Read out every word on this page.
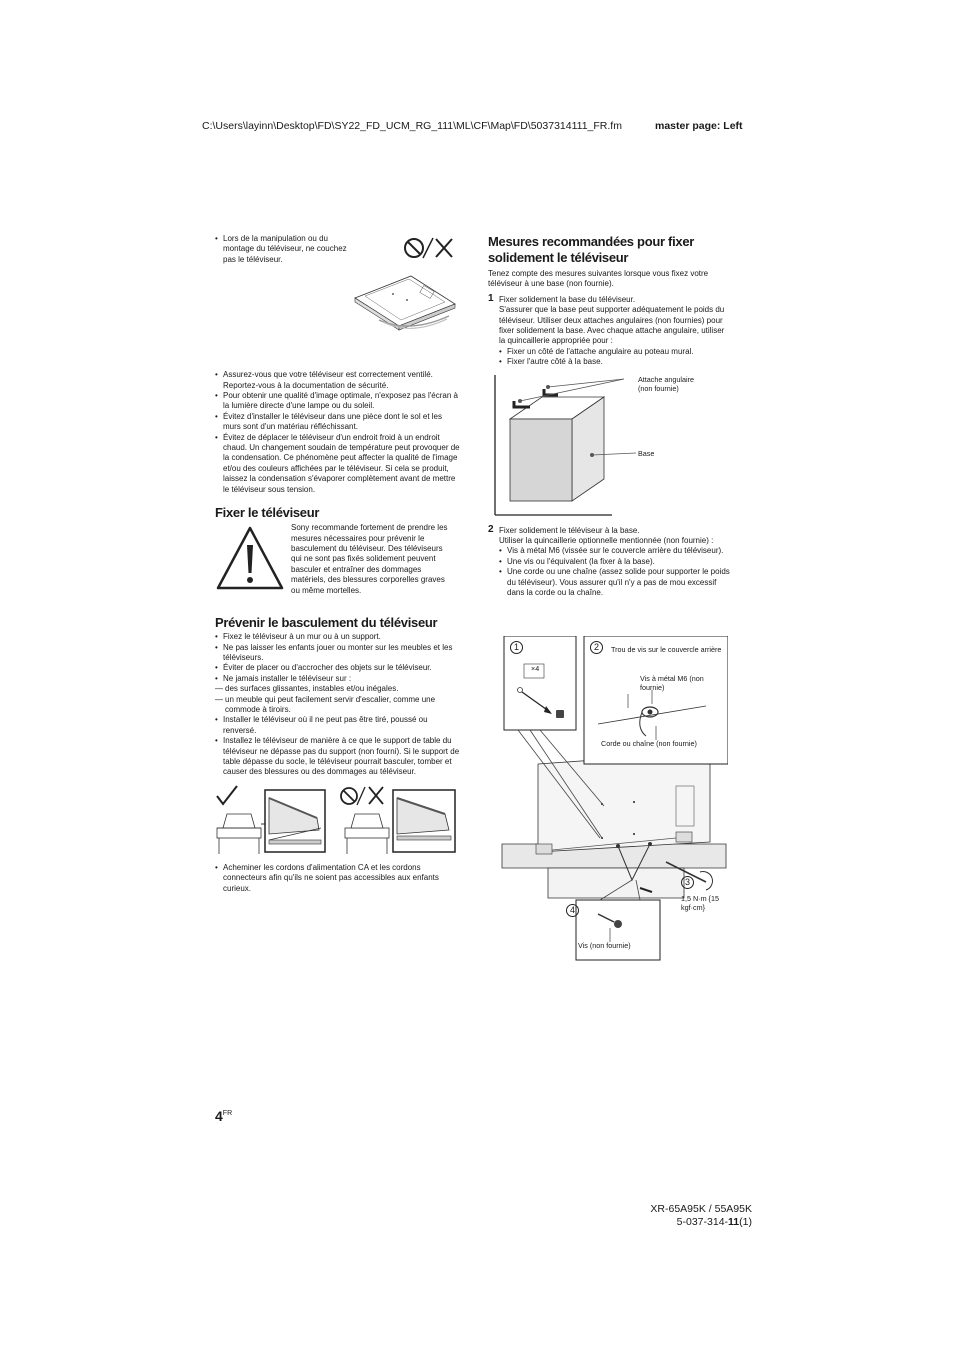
C:\Users\layinn\Desktop\FD\SY22_FD_UCM_RG_111\ML\CF\Map\FD\5037314111_FR.fm	master page: Left
• Lors de la manipulation ou du montage du téléviseur, ne couchez pas le téléviseur.
• Assurez-vous que votre téléviseur est correctement ventilé. Reportez-vous à la documentation de sécurité.
• Pour obtenir une qualité d'image optimale, n'exposez pas l'écran à la lumière directe d'une lampe ou du soleil.
• Évitez d'installer le téléviseur dans une pièce dont le sol et les murs sont d'un matériau réfléchissant.
• Évitez de déplacer le téléviseur d'un endroit froid à un endroit chaud. Un changement soudain de température peut provoquer de la condensation. Ce phénomène peut affecter la qualité de l'image et/ou des couleurs affichées par le téléviseur. Si cela se produit, laissez la condensation s'évaporer complètement avant de mettre le téléviseur sous tension.
Fixer le téléviseur

Sony recommande fortement de prendre les mesures nécessaires pour prévenir le basculement du téléviseur. Des téléviseurs qui ne sont pas fixés solidement peuvent basculer et entraîner des dommages matériels, des blessures corporelles graves ou même mortelles.

Prévenir le basculement du téléviseur
• Fixez le téléviseur à un mur ou à un support.
• Ne pas laisser les enfants jouer ou monter sur les meubles et les téléviseurs.
• Éviter de placer ou d'accrocher des objets sur le téléviseur.
• Ne jamais installer le téléviseur sur :
— des surfaces glissantes, instables et/ou inégales.
— un meuble qui peut facilement servir d'escalier, comme une commode à tiroirs.
• Installer le téléviseur où il ne peut pas être tiré, poussé ou renversé.
• Installez le téléviseur de manière à ce que le support de table du téléviseur ne dépasse pas du support (non fourni). Si le support de table dépasse du socle, le téléviseur pourrait basculer, tomber et causer des blessures ou des dommages au téléviseur.
• Acheminer les cordons d'alimentation CA et les cordons connecteurs afin qu'ils ne soient pas accessibles aux enfants curieux.
Mesures recommandées pour fixer solidement le téléviseur

Tenez compte des mesures suivantes lorsque vous fixez votre téléviseur à une base (non fournie).

1 Fixer solidement la base du téléviseur.

S'assurer que la base peut supporter adéquatement le poids du téléviseur. Utiliser deux attaches angulaires (non fournies) pour fixer solidement la base. Avec chaque attache angulaire, utiliser la quincaillerie appropriée pour :

• Fixer un côté de l'attache angulaire au poteau mural.
• Fixer l'autre côté à la base.
Attache angulaire (non fournie)
Base
2 Fixer solidement le téléviseur à la base.

Utiliser la quincaillerie optionnelle mentionnée (non fournie) :

• Vis à métal M6 (vissée sur le couvercle arrière du téléviseur).
• Une vis ou l'équivalent (la fixer à la base).
• Une corde ou une chaîne (assez solide pour supporter le poids du téléviseur). Vous assurer qu'il n'y a pas de mou excessif dans la corde ou la chaîne.
1
×4
2	Trou de vis sur le couvercle arrière
Vis à métal M6 (non fournie)
Corde ou chaîne (non fournie)
3
1,5 N·m {15 kgf·cm}
4
Vis (non fournie)
$4^{FR}$
XR-65A95K / 55A95K
5-037-314-11(1)
